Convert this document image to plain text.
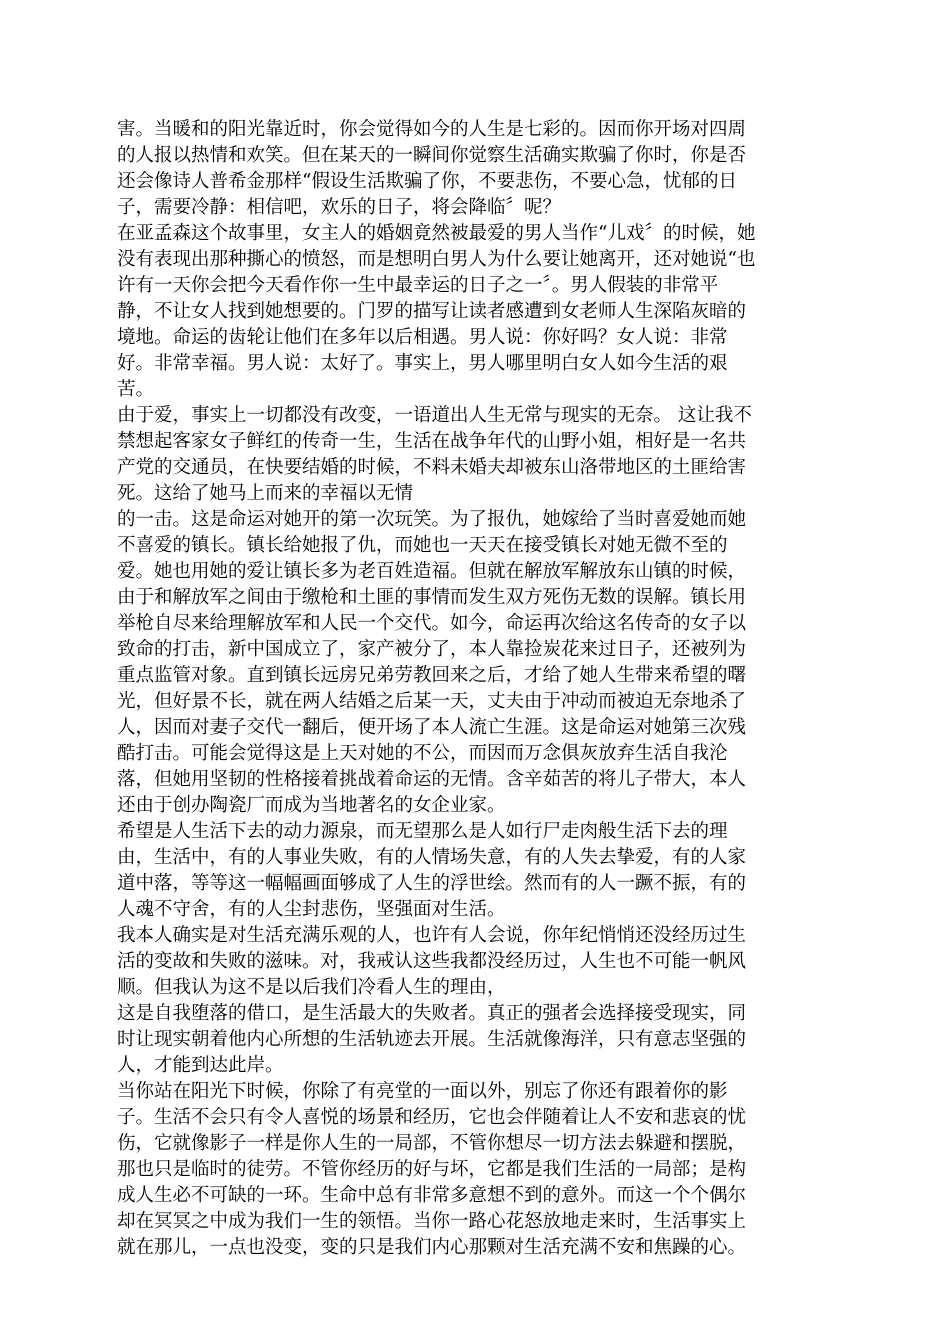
害。当暖和的阳光靠近时，你会觉得如今的人生是七彩的。因而你开场对四周
的人报以热情和欢笑。但在某天的一瞬间你觉察生活确实欺骗了你时，你是否
还会像诗人普希金那样“假设生活欺骗了你，不要悲伤，不要心急，忧郁的日
子，需要冷静：相信吧，欢乐的日子，将会降临〞呢？

在亚孟森这个故事里，女主人的婚姻竟然被最爱的男人当作“儿戏〞的时候，她
没有表现出那种撕心的愤怒，而是想明白男人为什么要让她离开，还对她说“也
许有一天你会把今天看作你一生中最幸运的日子之一〞。男人假装的非常平
静，不让女人找到她想要的。门罗的描写让读者感遭到女老师人生深陷灰暗的
境地。命运的齿轮让他们在多年以后相遇。男人说：你好吗？女人说：非常
好。非常幸福。男人说：太好了。事实上，男人哪里明白女人如今生活的艰
苦。

由于爱，事实上一切都没有改变，一语道出人生无常与现实的无奈。 这让我不
禁想起客家女子鲜红的传奇一生，生活在战争年代的山野小姐，相好是一名共
产党的交通员，在快要结婚的时候，不料未婚夫却被东山洛带地区的土匪给害
死。这给了她马上而来的幸福以无情

的一击。这是命运对她开的第一次玩笑。为了报仇，她嫁给了当时喜爱她而她
不喜爱的镇长。镇长给她报了仇，而她也一天天在接受镇长对她无微不至的
爱。她也用她的爱让镇长多为老百姓造福。但就在解放军解放东山镇的时候，
由于和解放军之间由于缴枪和土匪的事情而发生双方死伤无数的误解。镇长用
举枪自尽来给理解放军和人民一个交代。如今，命运再次给这名传奇的女子以
致命的打击，新中国成立了，家产被分了，本人靠捡炭花来过日子，还被列为
重点监管对象。直到镇长远房兄弟劳教回来之后，才给了她人生带来希望的曙
光，但好景不长，就在两人结婚之后某一天，丈夫由于冲动而被迫无奈地杀了
人，因而对妻子交代一翻后，便开场了本人流亡生涯。这是命运对她第三次残
酷打击。可能会觉得这是上天对她的不公，而因而万念俱灰放弃生活自我沦
落，但她用坚韧的性格接着挑战着命运的无情。含辛茹苦的将儿子带大，本人
还由于创办陶瓷厂而成为当地著名的女企业家。

希望是人生活下去的动力源泉，而无望那么是人如行尸走肉般生活下去的理
由，生活中，有的人事业失败，有的人情场失意，有的人失去挚爱，有的人家
道中落，等等这一幅幅画面够成了人生的浮世绘。然而有的人一蹶不振，有的
人魂不守舍，有的人尘封悲伤，坚强面对生活。

我本人确实是对生活充满乐观的人，也许有人会说，你年纪悄悄还没经历过生
活的变故和失败的滋味。对，我戒认这些我都没经历过，人生也不可能一帆风
顺。但我认为这不是以后我们冷看人生的理由，

这是自我堕落的借口，是生活最大的失败者。真正的强者会选择接受现实，同
时让现实朝着他内心所想的生活轨迹去开展。生活就像海洋，只有意志坚强的
人，才能到达此岸。

当你站在阳光下时候，你除了有亮堂的一面以外，别忘了你还有跟着你的影
子。生活不会只有令人喜悦的场景和经历，它也会伴随着让人不安和悲哀的忧
伤，它就像影子一样是你人生的一局部，不管你想尽一切方法去躲避和摆脱，
那也只是临时的徒劳。不管你经历的好与坏，它都是我们生活的一局部；是构
成人生必不可缺的一环。生命中总有非常多意想不到的意外。而这一个个偶尔
却在冥冥之中成为我们一生的领悟。当你一路心花怒放地走来时，生活事实上
就在那儿，一点也没变，变的只是我们内心那颗对生活充满不安和焦躁的心。
